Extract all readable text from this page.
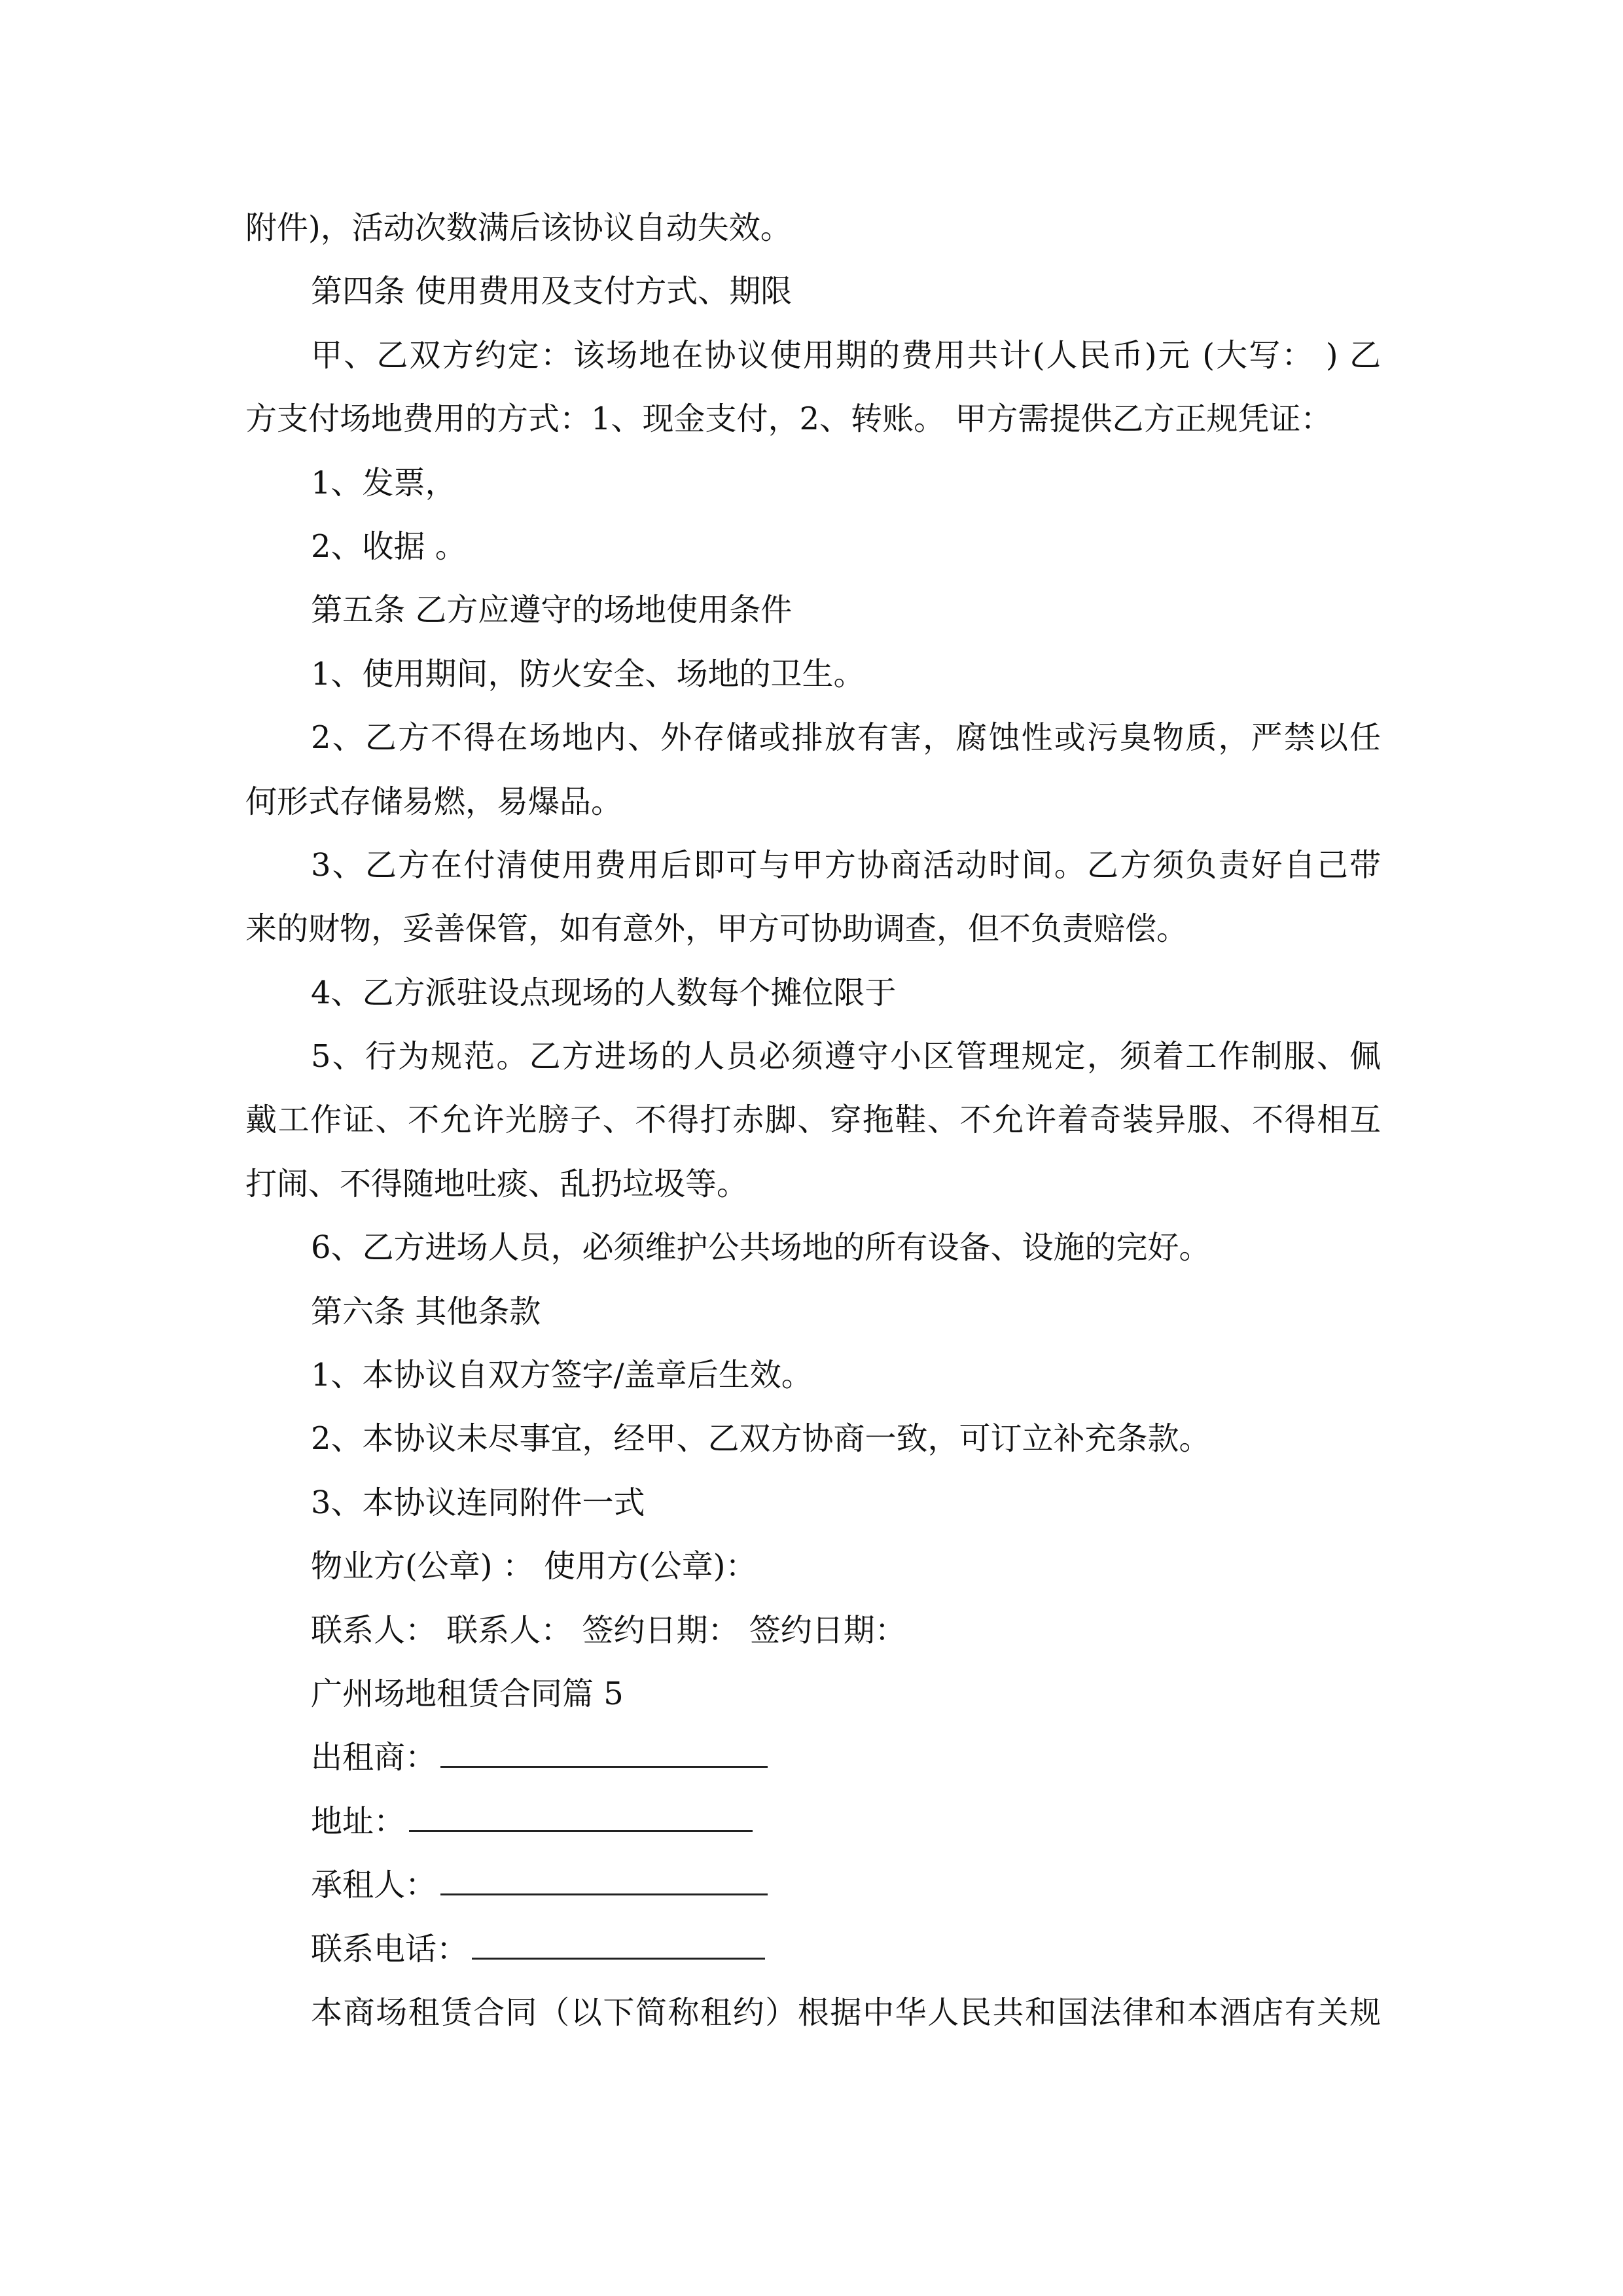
附件)，活动次数满后该协议自动失效。
第四条 使用费用及支付方式、期限
甲、乙双方约定：该场地在协议使用期的费用共计(人民币)元 (大写： ) 乙
方支付场地费用的方式：1、现金支付，2、转账。 甲方需提供乙方正规凭证：
1、发票，
2、收据 。
第五条 乙方应遵守的场地使用条件
1、使用期间，防火安全、场地的卫生。
2、乙方不得在场地内、外存储或排放有害，腐蚀性或污臭物质，严禁以任
何形式存储易燃，易爆品。
3、乙方在付清使用费用后即可与甲方协商活动时间。乙方须负责好自己带
来的财物，妥善保管，如有意外，甲方可协助调查，但不负责赔偿。
4、乙方派驻设点现场的人数每个摊位限于
5、行为规范。乙方进场的人员必须遵守小区管理规定，须着工作制服、佩
戴工作证、不允许光膀子、不得打赤脚、穿拖鞋、不允许着奇装异服、不得相互
打闹、不得随地吐痰、乱扔垃圾等。
6、乙方进场人员，必须维护公共场地的所有设备、设施的完好。
第六条 其他条款
1、本协议自双方签字/盖章后生效。
2、本协议未尽事宜，经甲、乙双方协商一致，可订立补充条款。
3、本协议连同附件一式
物业方(公章) ： 使用方(公章)：
联系人： 联系人： 签约日期： 签约日期：
广州场地租赁合同篇 5
出租商：
地址：
承租人：
联系电话：
本商场租赁合同（以下简称租约）根据中华人民共和国法律和本酒店有关规
